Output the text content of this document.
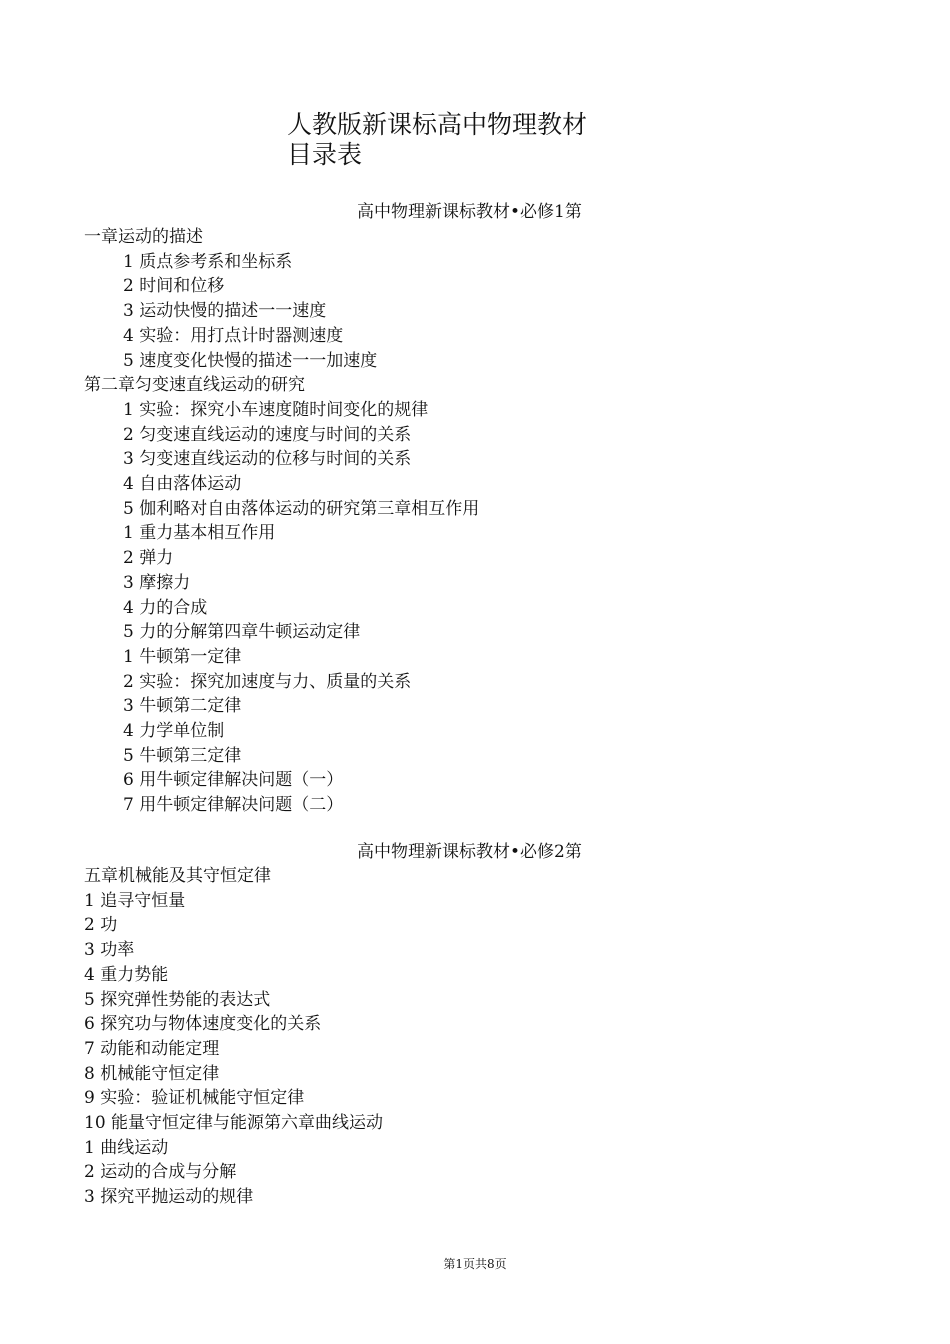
人教版新课标高中物理教材
目录表
高中物理新课标教材•必修1第
一章运动的描述
1 质点参考系和坐标系
2 时间和位移
3 运动快慢的描述一一速度
4 实验：用打点计时器测速度
5 速度变化快慢的描述一一加速度
第二章匀变速直线运动的研究
1 实验：探究小车速度随时间变化的规律
2 匀变速直线运动的速度与时间的关系
3 匀变速直线运动的位移与时间的关系
4 自由落体运动
5 伽利略对自由落体运动的研究第三章相互作用
1 重力基本相互作用
2 弹力
3 摩擦力
4 力的合成
5 力的分解第四章牛顿运动定律
1 牛顿第一定律
2 实验：探究加速度与力、质量的关系
3 牛顿第二定律
4 力学单位制
5 牛顿第三定律
6 用牛顿定律解决问题（一）
7 用牛顿定律解决问题（二）
高中物理新课标教材•必修2第
五章机械能及其守恒定律
1 追寻守恒量
2 功
3 功率
4 重力势能
5 探究弹性势能的表达式
6 探究功与物体速度变化的关系
7 动能和动能定理
8 机械能守恒定律
9 实验：验证机械能守恒定律
10 能量守恒定律与能源第六章曲线运动
1 曲线运动
2 运动的合成与分解
3 探究平抛运动的规律
第1页共8页
